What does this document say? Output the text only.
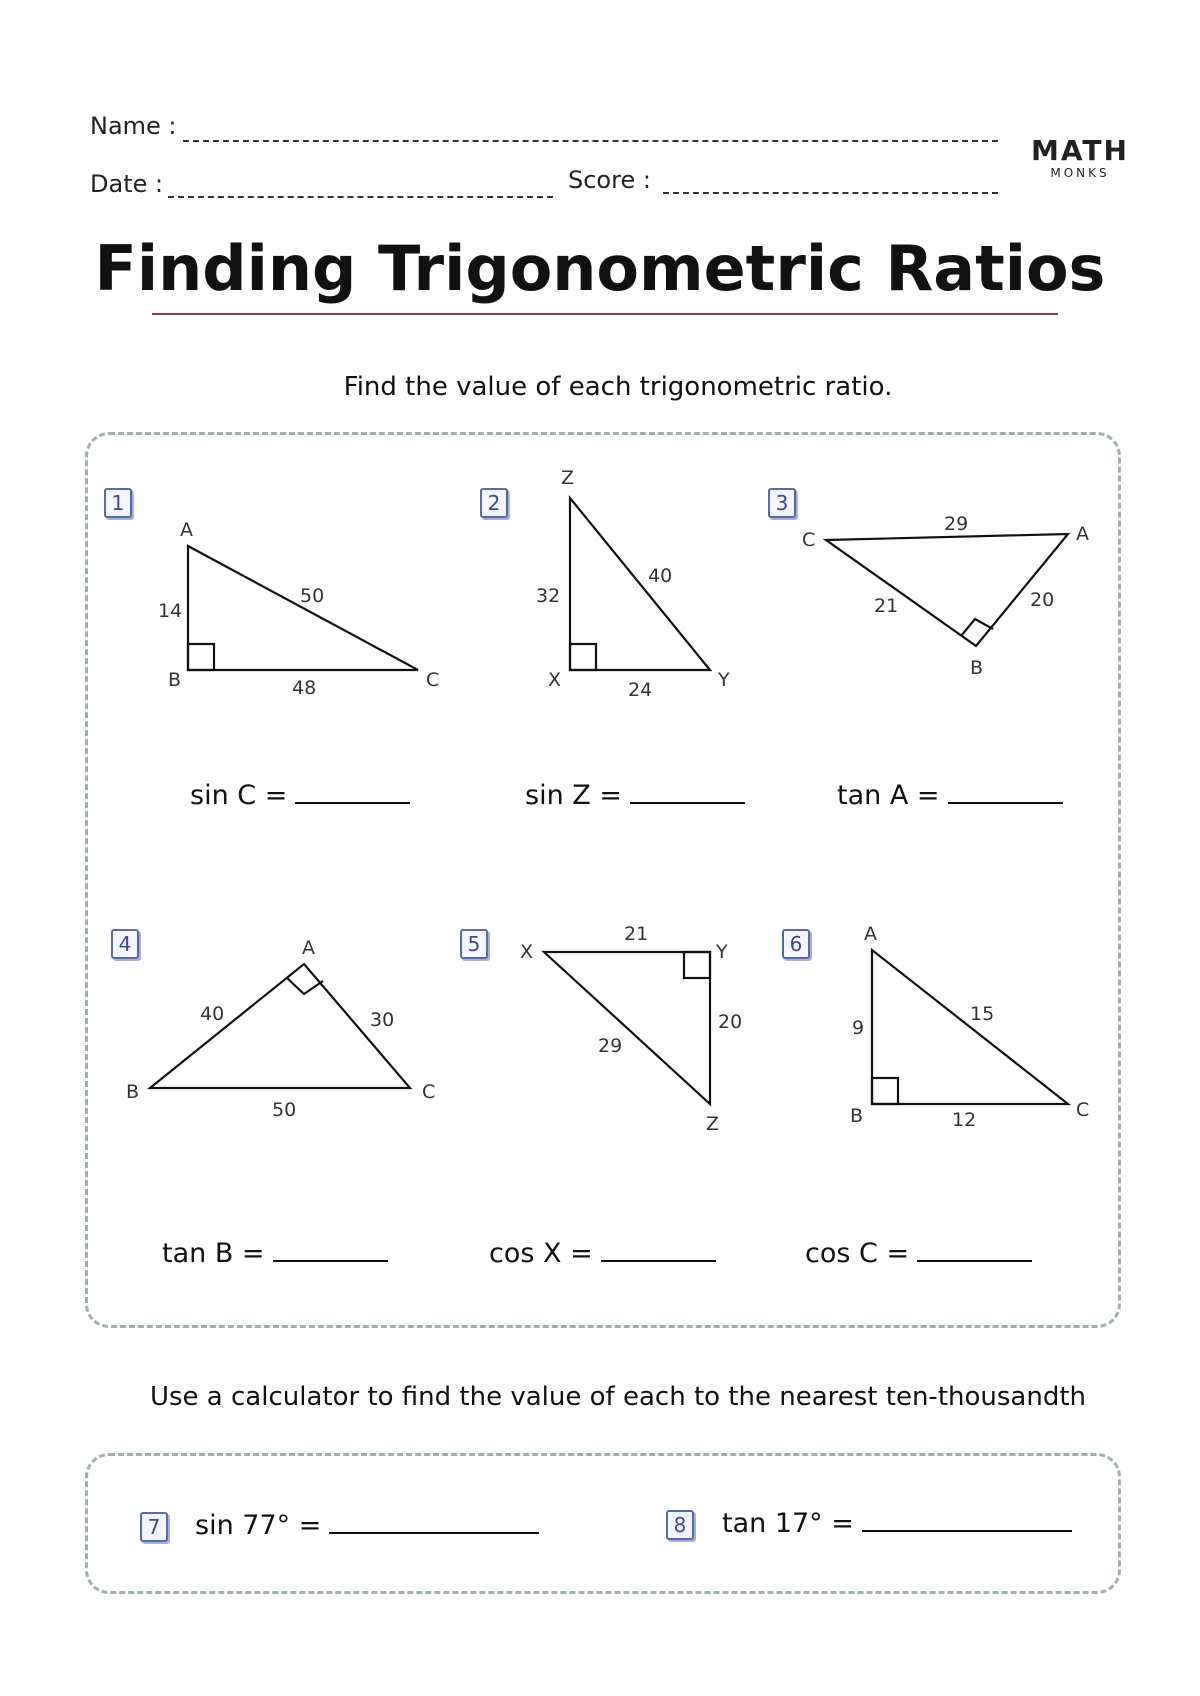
Name :
Date :	Score :
MATH
MONKS
Finding Trigonometric Ratios
Find the value of each trigonometric ratio.
1	2	3
4	5	6
A
B	C
14
50
48
Z
X	Y
32
40
24
C	A
B
29
21	20
A
B	C
40	30
50
X	Y
Z
21
20
29
A
B	C
9
15
12
sin C =	sin Z =	tan A =
tan B =	cos X =	cos C =
Use a calculator to find the value of each to the nearest ten-thousandth
7 sin 77° =	8 tan 17° =
